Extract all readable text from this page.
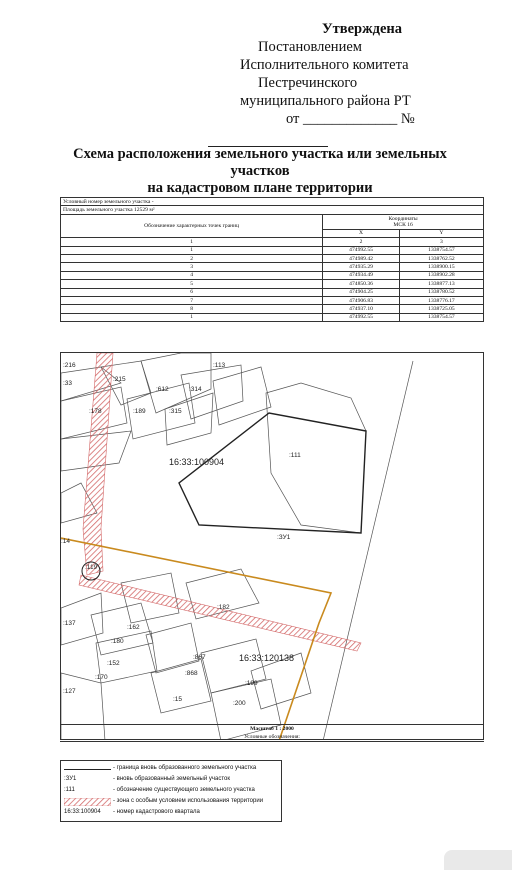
Утверждена
Постановлением
Исполнительного комитета
Пестречинского
муниципального района РТ
от _____________ №
Схема расположения земельного участка или земельных
участков
на кадастровом плане территории
Условный номер земельного участка -		
Площадь земельного участка 12529 м²		
Обозначение характерных точек границ	Координаты
МСК 16	

	X	Y
1	2	3
1	474992.55	1338754.57
2	474989.42	1338762.52
3	474935.29	1338900.15
4	474934.49	1338902.28
5	474850.36	1338877.13
6	474904.25	1338780.52
7	474906.83	1338776.17
8	474937.10	1338725.05
1	474992.55	1338754.57
:216
:215
:612
:113
:314
:33
:178	:189	:315
16:33:100904
:111
:ЗУ1
:14
:119
:182
:137
:162
:180
:152
:867	16:33:120138
:170
:868
:199
:127
:15
:200
Масштаб 1 : 2000
Условные обозначения:
- граница вновь образованного земельного участка
:ЗУ1	- вновь образованный земельный участок
:111	- обозначение существующего земельного участка
- зона с особым условием использования территории
16:33:100904	- номер кадастрового квартала
